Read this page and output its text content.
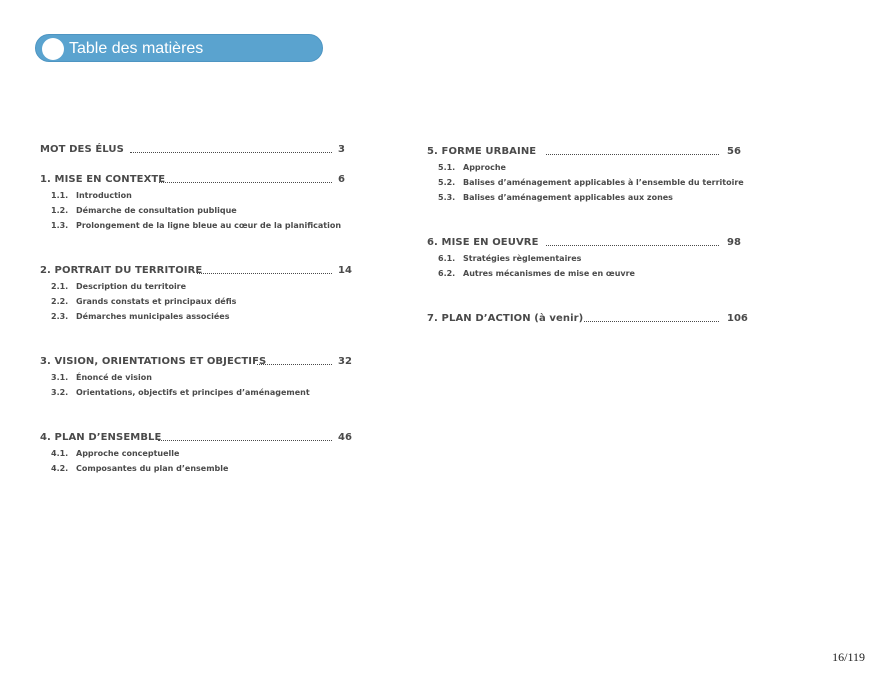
Table des matières
MOT DES ÉLUS	3
1. MISE EN CONTEXTE	6
1.1. Introduction
1.2. Démarche de consultation publique
1.3. Prolongement de la ligne bleue au cœur de la planification
2. PORTRAIT DU TERRITOIRE	14
2.1. Description du territoire
2.2. Grands constats et principaux défis
2.3. Démarches municipales associées
3. VISION, ORIENTATIONS ET OBJECTIFS	32
3.1. Énoncé de vision
3.2. Orientations, objectifs et principes d’aménagement
4. PLAN D’ENSEMBLE	46
4.1. Approche conceptuelle
4.2. Composantes du plan d’ensemble
5. FORME URBAINE	56
5.1. Approche
5.2. Balises d’aménagement applicables à l’ensemble du territoire
5.3. Balises d’aménagement applicables aux zones
6. MISE EN OEUVRE	98
6.1. Stratégies règlementaires
6.2. Autres mécanismes de mise en œuvre
7. PLAN D’ACTION (à venir)	106
16/119
